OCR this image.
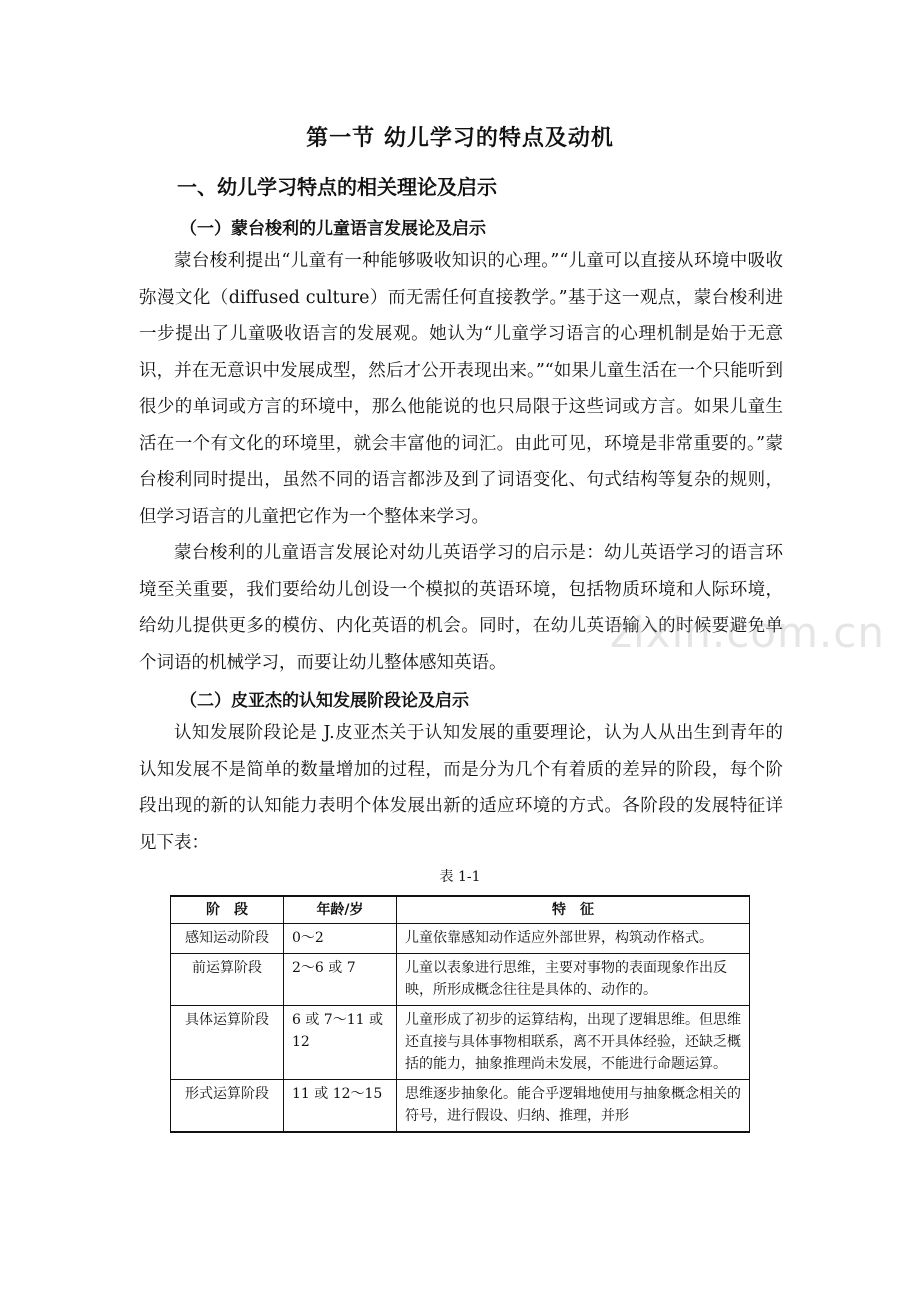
第一节 幼儿学习的特点及动机
一、幼儿学习特点的相关理论及启示
（一）蒙台梭利的儿童语言发展论及启示
蒙台梭利提出“儿童有一种能够吸收知识的心理。”“儿童可以直接从环境中吸收弥漫文化（diffused culture）而无需任何直接教学。”基于这一观点，蒙台梭利进一步提出了儿童吸收语言的发展观。她认为“儿童学习语言的心理机制是始于无意识，并在无意识中发展成型，然后才公开表现出来。”“如果儿童生活在一个只能听到很少的单词或方言的环境中，那么他能说的也只局限于这些词或方言。如果儿童生活在一个有文化的环境里，就会丰富他的词汇。由此可见，环境是非常重要的。”蒙台梭利同时提出，虽然不同的语言都涉及到了词语变化、句式结构等复杂的规则，但学习语言的儿童把它作为一个整体来学习。
蒙台梭利的儿童语言发展论对幼儿英语学习的启示是：幼儿英语学习的语言环境至关重要，我们要给幼儿创设一个模拟的英语环境，包括物质环境和人际环境，给幼儿提供更多的模仿、内化英语的机会。同时，在幼儿英语输入的时候要避免单个词语的机械学习，而要让幼儿整体感知英语。
（二）皮亚杰的认知发展阶段论及启示
认知发展阶段论是 J.皮亚杰关于认知发展的重要理论，认为人从出生到青年的认知发展不是简单的数量增加的过程，而是分为几个有着质的差异的阶段，每个阶段出现的新的认知能力表明个体发展出新的适应环境的方式。各阶段的发展特征详见下表：
表 1-1
阶　段	年龄/岁	特　征
感知运动阶段	0～2	儿童依靠感知动作适应外部世界，构筑动作格式。
前运算阶段	2～6 或 7	儿童以表象进行思维，主要对事物的表面现象作出反映，所形成概念往往是具体的、动作的。
具体运算阶段	6 或 7～11 或 12	儿童形成了初步的运算结构，出现了逻辑思维。但思维还直接与具体事物相联系，离不开具体经验，还缺乏概括的能力，抽象推理尚未发展，不能进行命题运算。
形式运算阶段	11 或 12～15	思维逐步抽象化。能合乎逻辑地使用与抽象概念相关的符号，进行假设、归纳、推理，并形
zixin.com.cn
